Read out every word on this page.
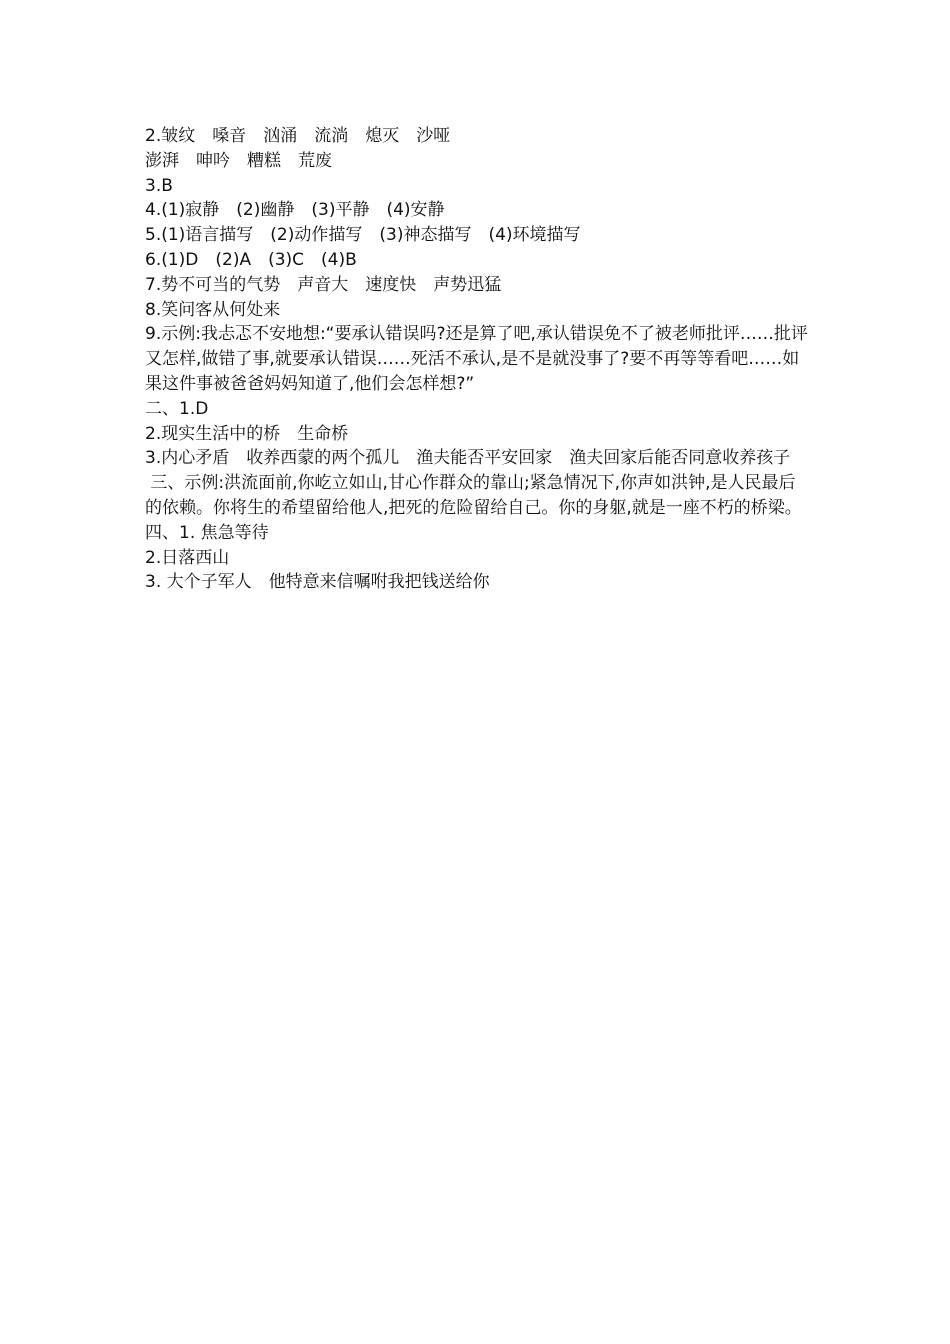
2.皱纹　嗓音　汹涌　流淌　熄灭　沙哑

澎湃　呻吟　糟糕　荒废

3.B

4.(1)寂静　(2)幽静　(3)平静　(4)安静

5.(1)语言描写　(2)动作描写　(3)神态描写　(4)环境描写

6.(1)D　(2)A　(3)C　(4)B

7.势不可当的气势　声音大　速度快　声势迅猛

8.笑问客从何处来

9.示例:我忐忑不安地想:“要承认错误吗?还是算了吧,承认错误免不了被老师批评……批评又怎样,做错了事,就要承认错误……死活不承认,是不是就没事了?要不再等等看吧……如果这件事被爸爸妈妈知道了,他们会怎样想?”

二、1.D

2.现实生活中的桥　生命桥

3.内心矛盾　收养西蒙的两个孤儿　渔夫能否平安回家　渔夫回家后能否同意收养孩子

三、示例:洪流面前,你屹立如山,甘心作群众的靠山;紧急情况下,你声如洪钟,是人民最后的依赖。你将生的希望留给他人,把死的危险留给自己。你的身躯,就是一座不朽的桥梁。

四、1. 焦急等待

2.日落西山

3. 大个子军人　他特意来信嘱咐我把钱送给你
